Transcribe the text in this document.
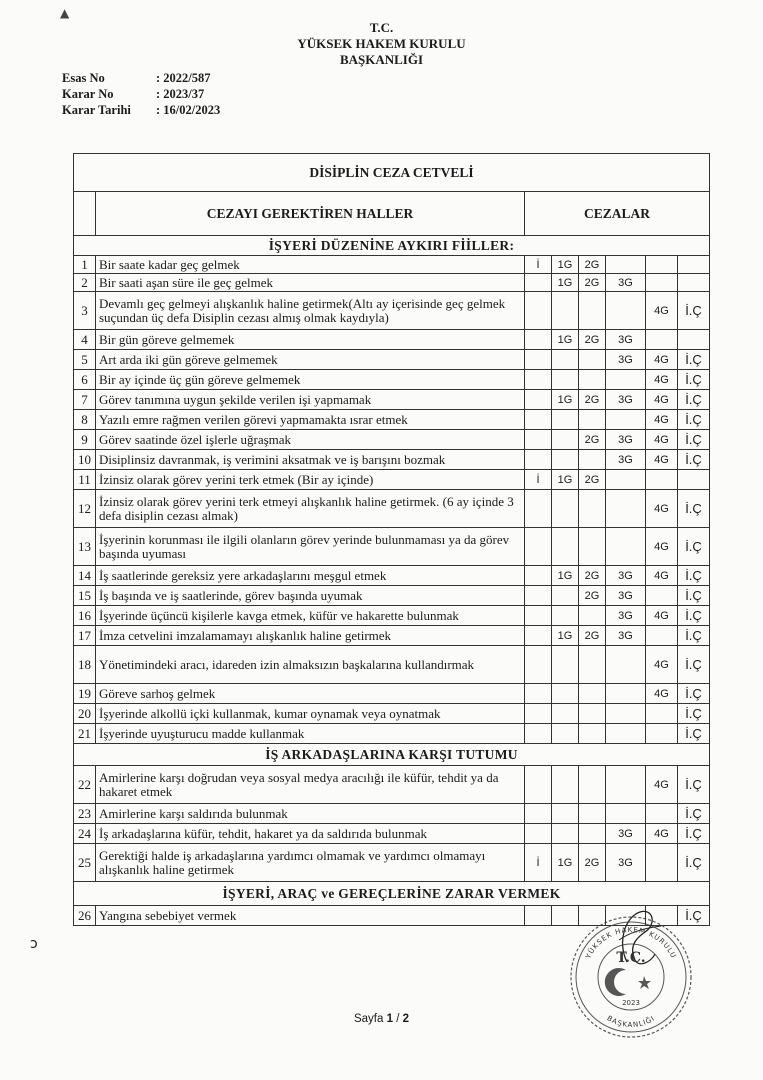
▲
T.C.
YÜKSEK HAKEM KURULU
BAŞKANLIĞI
Esas No	: 2022/587
Karar No	: 2023/37
Karar Tarihi	: 16/02/2023
DİSİPLİN CEZA CETVELİ							
	CEZAYI GEREKTİREN HALLER	CEZALAR					
İŞYERİ DÜZENİNE AYKIRI FİİLLER:							
1	Bir saate kadar geç gelmek	İ	1G	2G			
2	Bir saati aşan süre ile geç gelmek		1G	2G	3G		
3	Devamlı geç gelmeyi alışkanlık haline getirmek(Altı ay içerisinde geç gelmek suçundan üç defa Disiplin cezası almış olmak kaydıyla)					4G	İ.Ç
4	Bir gün göreve gelmemek		1G	2G	3G		
5	Art arda iki gün göreve gelmemek				3G	4G	İ.Ç
6	Bir ay içinde üç gün göreve gelmemek					4G	İ.Ç
7	Görev tanımına uygun şekilde verilen işi yapmamak		1G	2G	3G	4G	İ.Ç
8	Yazılı emre rağmen verilen görevi yapmamakta ısrar etmek					4G	İ.Ç
9	Görev saatinde özel işlerle uğraşmak			2G	3G	4G	İ.Ç
10	Disiplinsiz davranmak, iş verimini aksatmak ve iş barışını bozmak				3G	4G	İ.Ç
11	İzinsiz olarak görev yerini terk etmek (Bir ay içinde)	İ	1G	2G			
12	İzinsiz olarak görev yerini terk etmeyi alışkanlık haline getirmek. (6 ay içinde 3 defa disiplin cezası almak)					4G	İ.Ç
13	İşyerinin korunması ile ilgili olanların görev yerinde bulunmaması ya da görev başında uyuması					4G	İ.Ç
14	İş saatlerinde gereksiz yere arkadaşlarını meşgul etmek		1G	2G	3G	4G	İ.Ç
15	İş başında ve iş saatlerinde, görev başında uyumak			2G	3G		İ.Ç
16	İşyerinde üçüncü kişilerle kavga etmek, küfür ve hakarette bulunmak				3G	4G	İ.Ç
17	İmza cetvelini imzalamamayı alışkanlık haline getirmek		1G	2G	3G		İ.Ç
18	Yönetimindeki aracı, idareden izin almaksızın başkalarına kullandırmak					4G	İ.Ç
19	Göreve sarhoş gelmek					4G	İ.Ç
20	İşyerinde alkollü içki kullanmak, kumar oynamak veya oynatmak						İ.Ç
21	İşyerinde uyuşturucu madde kullanmak						İ.Ç
İŞ ARKADAŞLARINA KARŞI TUTUMU							
22	Amirlerine karşı doğrudan veya sosyal medya aracılığı ile küfür, tehdit ya da hakaret etmek					4G	İ.Ç
23	Amirlerine karşı saldırıda bulunmak						İ.Ç
24	İş arkadaşlarına küfür, tehdit, hakaret ya da saldırıda bulunmak				3G	4G	İ.Ç
25	Gerektiği halde iş arkadaşlarına yardımcı olmamak ve yardımcı olmamayı alışkanlık haline getirmek	İ	1G	2G	3G		İ.Ç
İŞYERİ, ARAÇ ve GEREÇLERİNE ZARAR VERMEK							
26	Yangına sebebiyet vermek						İ.Ç
ↄ
T.C.
YÜKSEK HAKEM KURULU
BAŞKANLIĞI
2023
Sayfa 1 / 2
